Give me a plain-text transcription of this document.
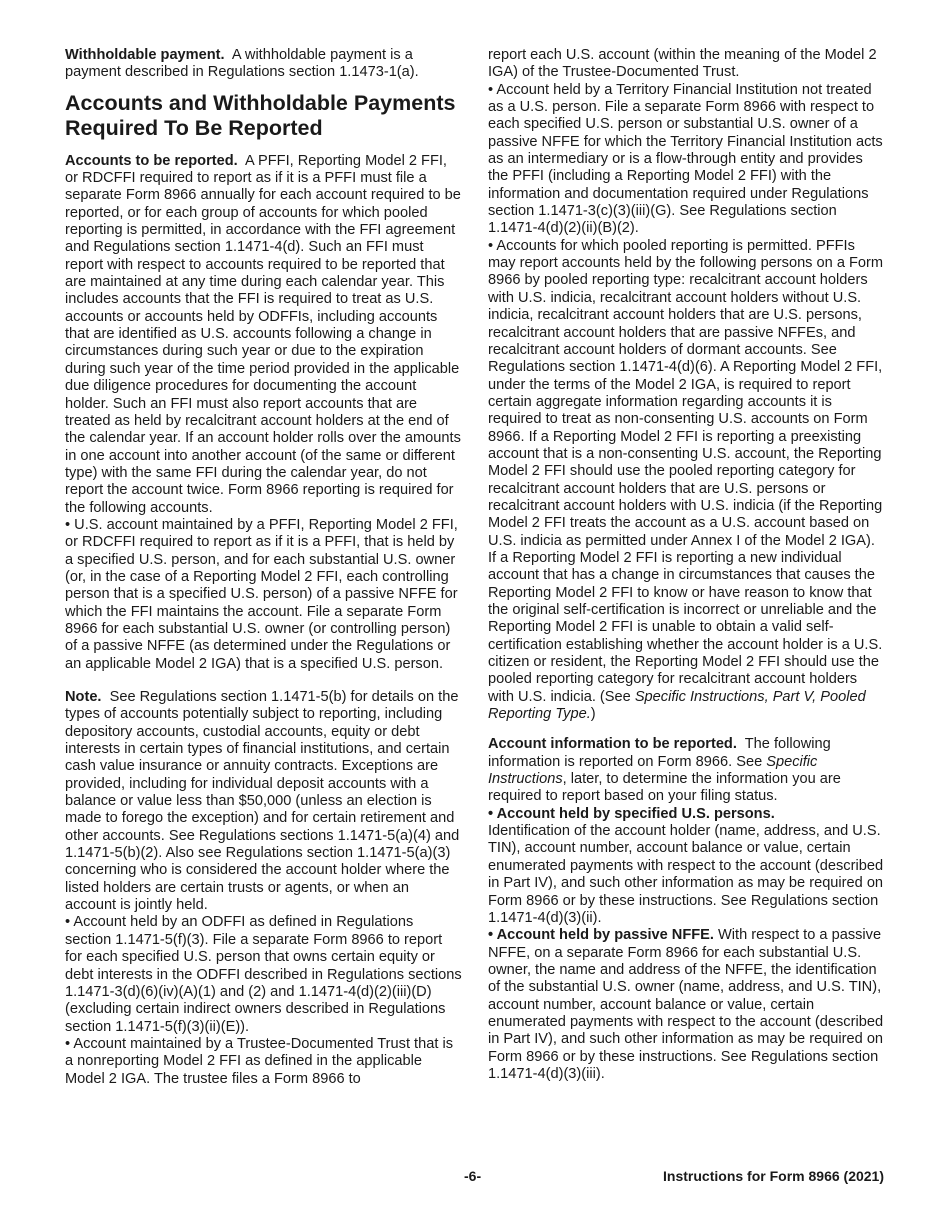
Withholdable payment. A withholdable payment is a payment described in Regulations section 1.1473-1(a).

Accounts and Withholdable Payments Required To Be Reported

Accounts to be reported. A PFFI, Reporting Model 2 FFI, or RDCFFI required to report as if it is a PFFI must file a separate Form 8966 annually for each account required to be reported, or for each group of accounts for which pooled reporting is permitted, in accordance with the FFI agreement and Regulations section 1.1471-4(d). Such an FFI must report with respect to accounts required to be reported that are maintained at any time during each calendar year. This includes accounts that the FFI is required to treat as U.S. accounts or accounts held by ODFFIs, including accounts that are identified as U.S. accounts following a change in circumstances during such year or due to the expiration during such year of the time period provided in the applicable due diligence procedures for documenting the account holder. Such an FFI must also report accounts that are treated as held by recalcitrant account holders at the end of the calendar year. If an account holder rolls over the amounts in one account into another account (of the same or different type) with the same FFI during the calendar year, do not report the account twice. Form 8966 reporting is required for the following accounts.

• U.S. account maintained by a PFFI, Reporting Model 2 FFI, or RDCFFI required to report as if it is a PFFI, that is held by a specified U.S. person, and for each substantial U.S. owner (or, in the case of a Reporting Model 2 FFI, each controlling person that is a specified U.S. person) of a passive NFFE for which the FFI maintains the account. File a separate Form 8966 for each substantial U.S. owner (or controlling person) of a passive NFFE (as determined under the Regulations or an applicable Model 2 IGA) that is a specified U.S. person.

Note. See Regulations section 1.1471-5(b) for details on the types of accounts potentially subject to reporting, including depository accounts, custodial accounts, equity or debt interests in certain types of financial institutions, and certain cash value insurance or annuity contracts. Exceptions are provided, including for individual deposit accounts with a balance or value less than $50,000 (unless an election is made to forego the exception) and for certain retirement and other accounts. See Regulations sections 1.1471-5(a)(4) and 1.1471-5(b)(2). Also see Regulations section 1.1471-5(a)(3) concerning who is considered the account holder where the listed holders are certain trusts or agents, or when an account is jointly held.

• Account held by an ODFFI as defined in Regulations section 1.1471-5(f)(3). File a separate Form 8966 to report for each specified U.S. person that owns certain equity or debt interests in the ODFFI described in Regulations sections 1.1471-3(d)(6)(iv)(A)(1) and (2) and 1.1471-4(d)(2)(iii)(D) (excluding certain indirect owners described in Regulations section 1.1471-5(f)(3)(ii)(E)).

• Account maintained by a Trustee-Documented Trust that is a nonreporting Model 2 FFI as defined in the applicable Model 2 IGA. The trustee files a Form 8966 to

report each U.S. account (within the meaning of the Model 2 IGA) of the Trustee-Documented Trust.

• Account held by a Territory Financial Institution not treated as a U.S. person. File a separate Form 8966 with respect to each specified U.S. person or substantial U.S. owner of a passive NFFE for which the Territory Financial Institution acts as an intermediary or is a flow-through entity and provides the PFFI (including a Reporting Model 2 FFI) with the information and documentation required under Regulations section 1.1471-3(c)(3)(iii)(G). See Regulations section 1.1471-4(d)(2)(ii)(B)(2).

• Accounts for which pooled reporting is permitted. PFFIs may report accounts held by the following persons on a Form 8966 by pooled reporting type: recalcitrant account holders with U.S. indicia, recalcitrant account holders without U.S. indicia, recalcitrant account holders that are U.S. persons, recalcitrant account holders that are passive NFFEs, and recalcitrant account holders of dormant accounts. See Regulations section 1.1471-4(d)(6). A Reporting Model 2 FFI, under the terms of the Model 2 IGA, is required to report certain aggregate information regarding accounts it is required to treat as non-consenting U.S. accounts on Form 8966. If a Reporting Model 2 FFI is reporting a preexisting account that is a non-consenting U.S. account, the Reporting Model 2 FFI should use the pooled reporting category for recalcitrant account holders that are U.S. persons or recalcitrant account holders with U.S. indicia (if the Reporting Model 2 FFI treats the account as a U.S. account based on U.S. indicia as permitted under Annex I of the Model 2 IGA). If a Reporting Model 2 FFI is reporting a new individual account that has a change in circumstances that causes the Reporting Model 2 FFI to know or have reason to know that the original self-certification is incorrect or unreliable and the Reporting Model 2 FFI is unable to obtain a valid self-certification establishing whether the account holder is a U.S. citizen or resident, the Reporting Model 2 FFI should use the pooled reporting category for recalcitrant account holders with U.S. indicia. (See Specific Instructions, Part V, Pooled Reporting Type.)

Account information to be reported. The following information is reported on Form 8966. See Specific Instructions, later, to determine the information you are required to report based on your filing status.

• Account held by specified U.S. persons.
Identification of the account holder (name, address, and U.S. TIN), account number, account balance or value, certain enumerated payments with respect to the account (described in Part IV), and such other information as may be required on Form 8966 or by these instructions. See Regulations section 1.1471-4(d)(3)(ii).

• Account held by passive NFFE. With respect to a passive NFFE, on a separate Form 8966 for each substantial U.S. owner, the name and address of the NFFE, the identification of the substantial U.S. owner (name, address, and U.S. TIN), account number, account balance or value, certain enumerated payments with respect to the account (described in Part IV), and such other information as may be required on Form 8966 or by these instructions. See Regulations section 1.1471-4(d)(3)(iii).

-6-	Instructions for Form 8966 (2021)
